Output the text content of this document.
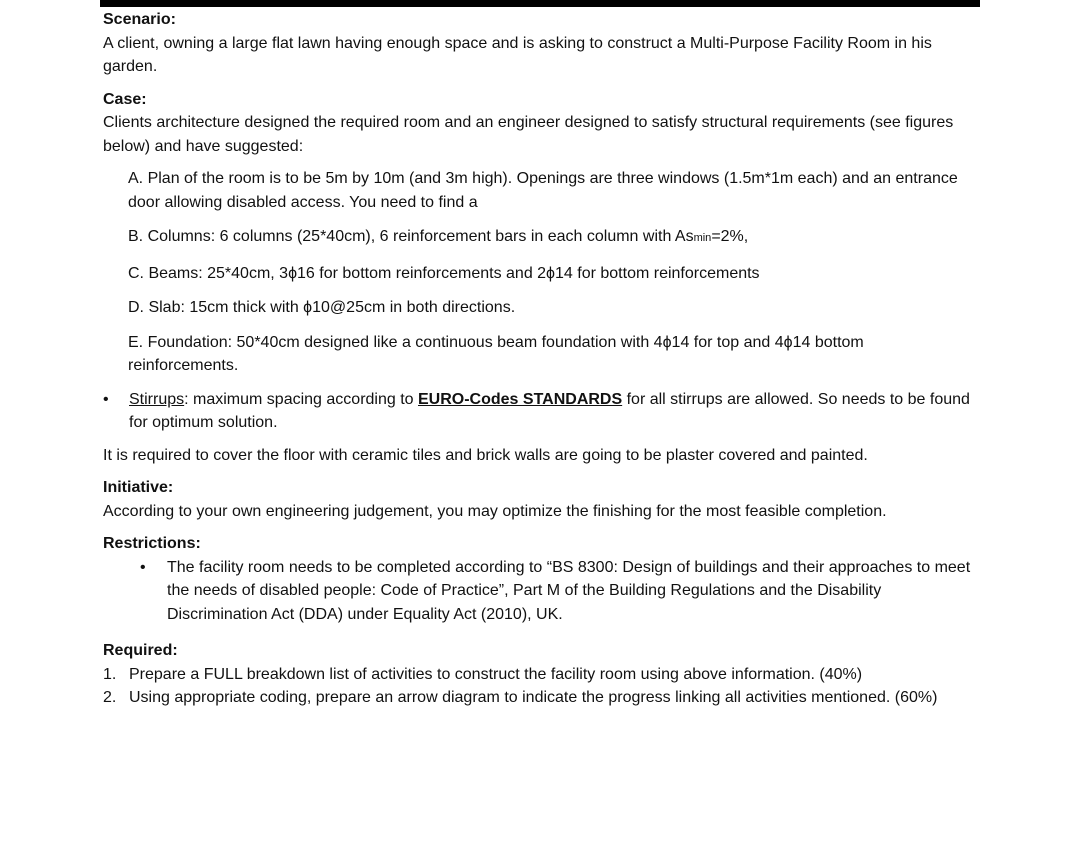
Scenario:

A client, owning a large flat lawn having enough space and is asking to construct a Multi-Purpose Facility Room in his garden.

Case:

Clients architecture designed the required room and an engineer designed to satisfy structural requirements (see figures below) and have suggested:

A. Plan of the room is to be 5m by 10m (and 3m high). Openings are three windows (1.5m*1m each) and an entrance door allowing disabled access. You need to find a
B. Columns: 6 columns (25*40cm), 6 reinforcement bars in each column with Asmin=2%,
C. Beams: 25*40cm, 3ϕ16 for bottom reinforcements and 2ϕ14 for bottom reinforcements
D. Slab: 15cm thick with ϕ10@25cm in both directions.
E. Foundation: 50*40cm designed like a continuous beam foundation with 4ϕ14 for top and 4ϕ14 bottom reinforcements.
•	Stirrups: maximum spacing according to EURO-Codes STANDARDS for all stirrups are allowed. So needs to be found for optimum solution.

It is required to cover the floor with ceramic tiles and brick walls are going to be plaster covered and painted.

Initiative:

According to your own engineering judgement, you may optimize the finishing for the most feasible completion.

Restrictions:

•	The facility room needs to be completed according to “BS 8300: Design of buildings and their approaches to meet the needs of disabled people: Code of Practice”, Part M of the Building Regulations and the Disability Discrimination Act (DDA) under Equality Act (2010), UK.

Required:

1. Prepare a FULL breakdown list of activities to construct the facility room using above information. (40%)
2. Using appropriate coding, prepare an arrow diagram to indicate the progress linking all activities mentioned. (60%)
